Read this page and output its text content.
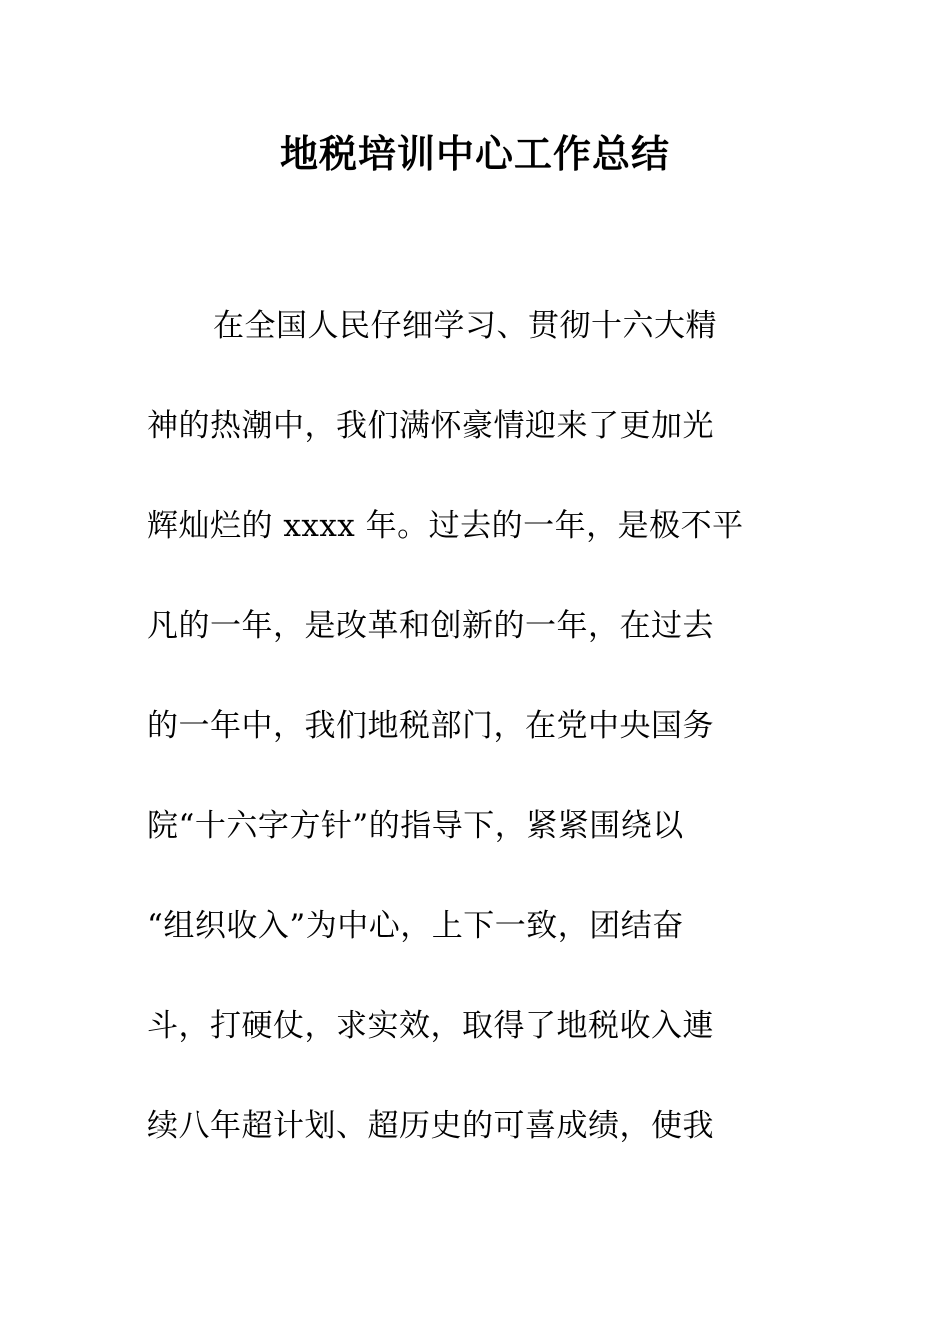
地税培训中心工作总结
在全国人民仔细学习、贯彻十六大精
神的热潮中，我们满怀豪情迎来了更加光
辉灿烂的 xxxx 年。过去的一年，是极不平
凡的一年，是改革和创新的一年，在过去
的一年中，我们地税部门，在党中央国务
院“十六字方针”的指导下，紧紧围绕以
“组织收入”为中心，上下一致，团结奋
斗，打硬仗，求实效，取得了地税收入連
续八年超计划、超历史的可喜成绩，使我
